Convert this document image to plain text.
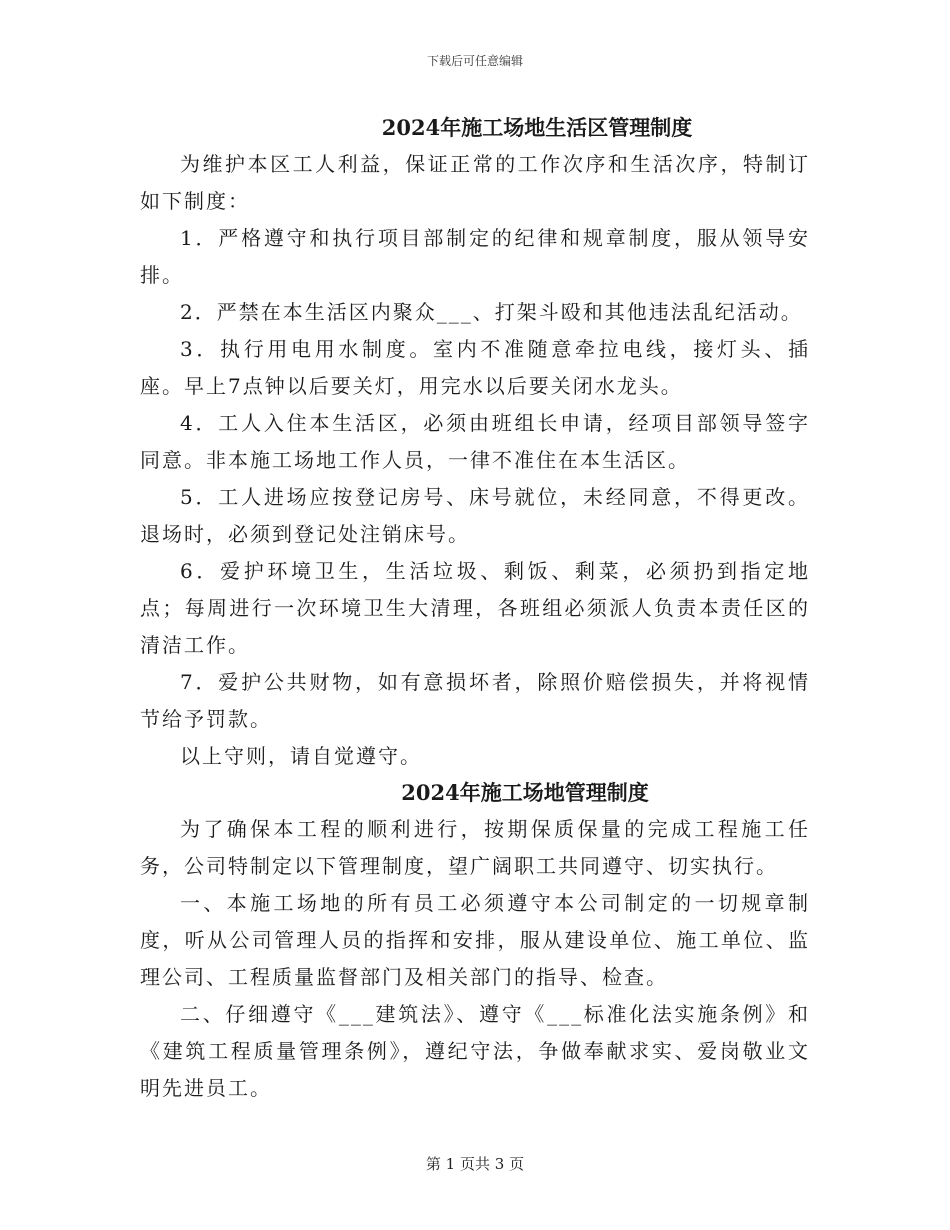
下载后可任意编辑
2024年施工场地生活区管理制度

为维护本区工人利益，保证正常的工作次序和生活次序，特制订如下制度：

1．严格遵守和执行项目部制定的纪律和规章制度，服从领导安排。

2．严禁在本生活区内聚众___、打架斗殴和其他违法乱纪活动。

3．执行用电用水制度。室内不准随意牵拉电线，接灯头、插座。早上7点钟以后要关灯，用完水以后要关闭水龙头。

4．工人入住本生活区，必须由班组长申请，经项目部领导签字同意。非本施工场地工作人员，一律不准住在本生活区。

5．工人进场应按登记房号、床号就位，未经同意，不得更改。退场时，必须到登记处注销床号。

6．爱护环境卫生，生活垃圾、剩饭、剩菜，必须扔到指定地点；每周进行一次环境卫生大清理，各班组必须派人负责本责任区的清洁工作。

7．爱护公共财物，如有意损坏者，除照价赔偿损失，并将视情节给予罚款。

以上守则，请自觉遵守。

2024年施工场地管理制度

为了确保本工程的顺利进行，按期保质保量的完成工程施工任务，公司特制定以下管理制度，望广阔职工共同遵守、切实执行。

一、本施工场地的所有员工必须遵守本公司制定的一切规章制度，听从公司管理人员的指挥和安排，服从建设单位、施工单位、监理公司、工程质量监督部门及相关部门的指导、检查。

二、仔细遵守《___建筑法》、遵守《___标准化法实施条例》和《建筑工程质量管理条例》，遵纪守法，争做奉献求实、爱岗敬业文明先进员工。

第 1 页共 3 页
